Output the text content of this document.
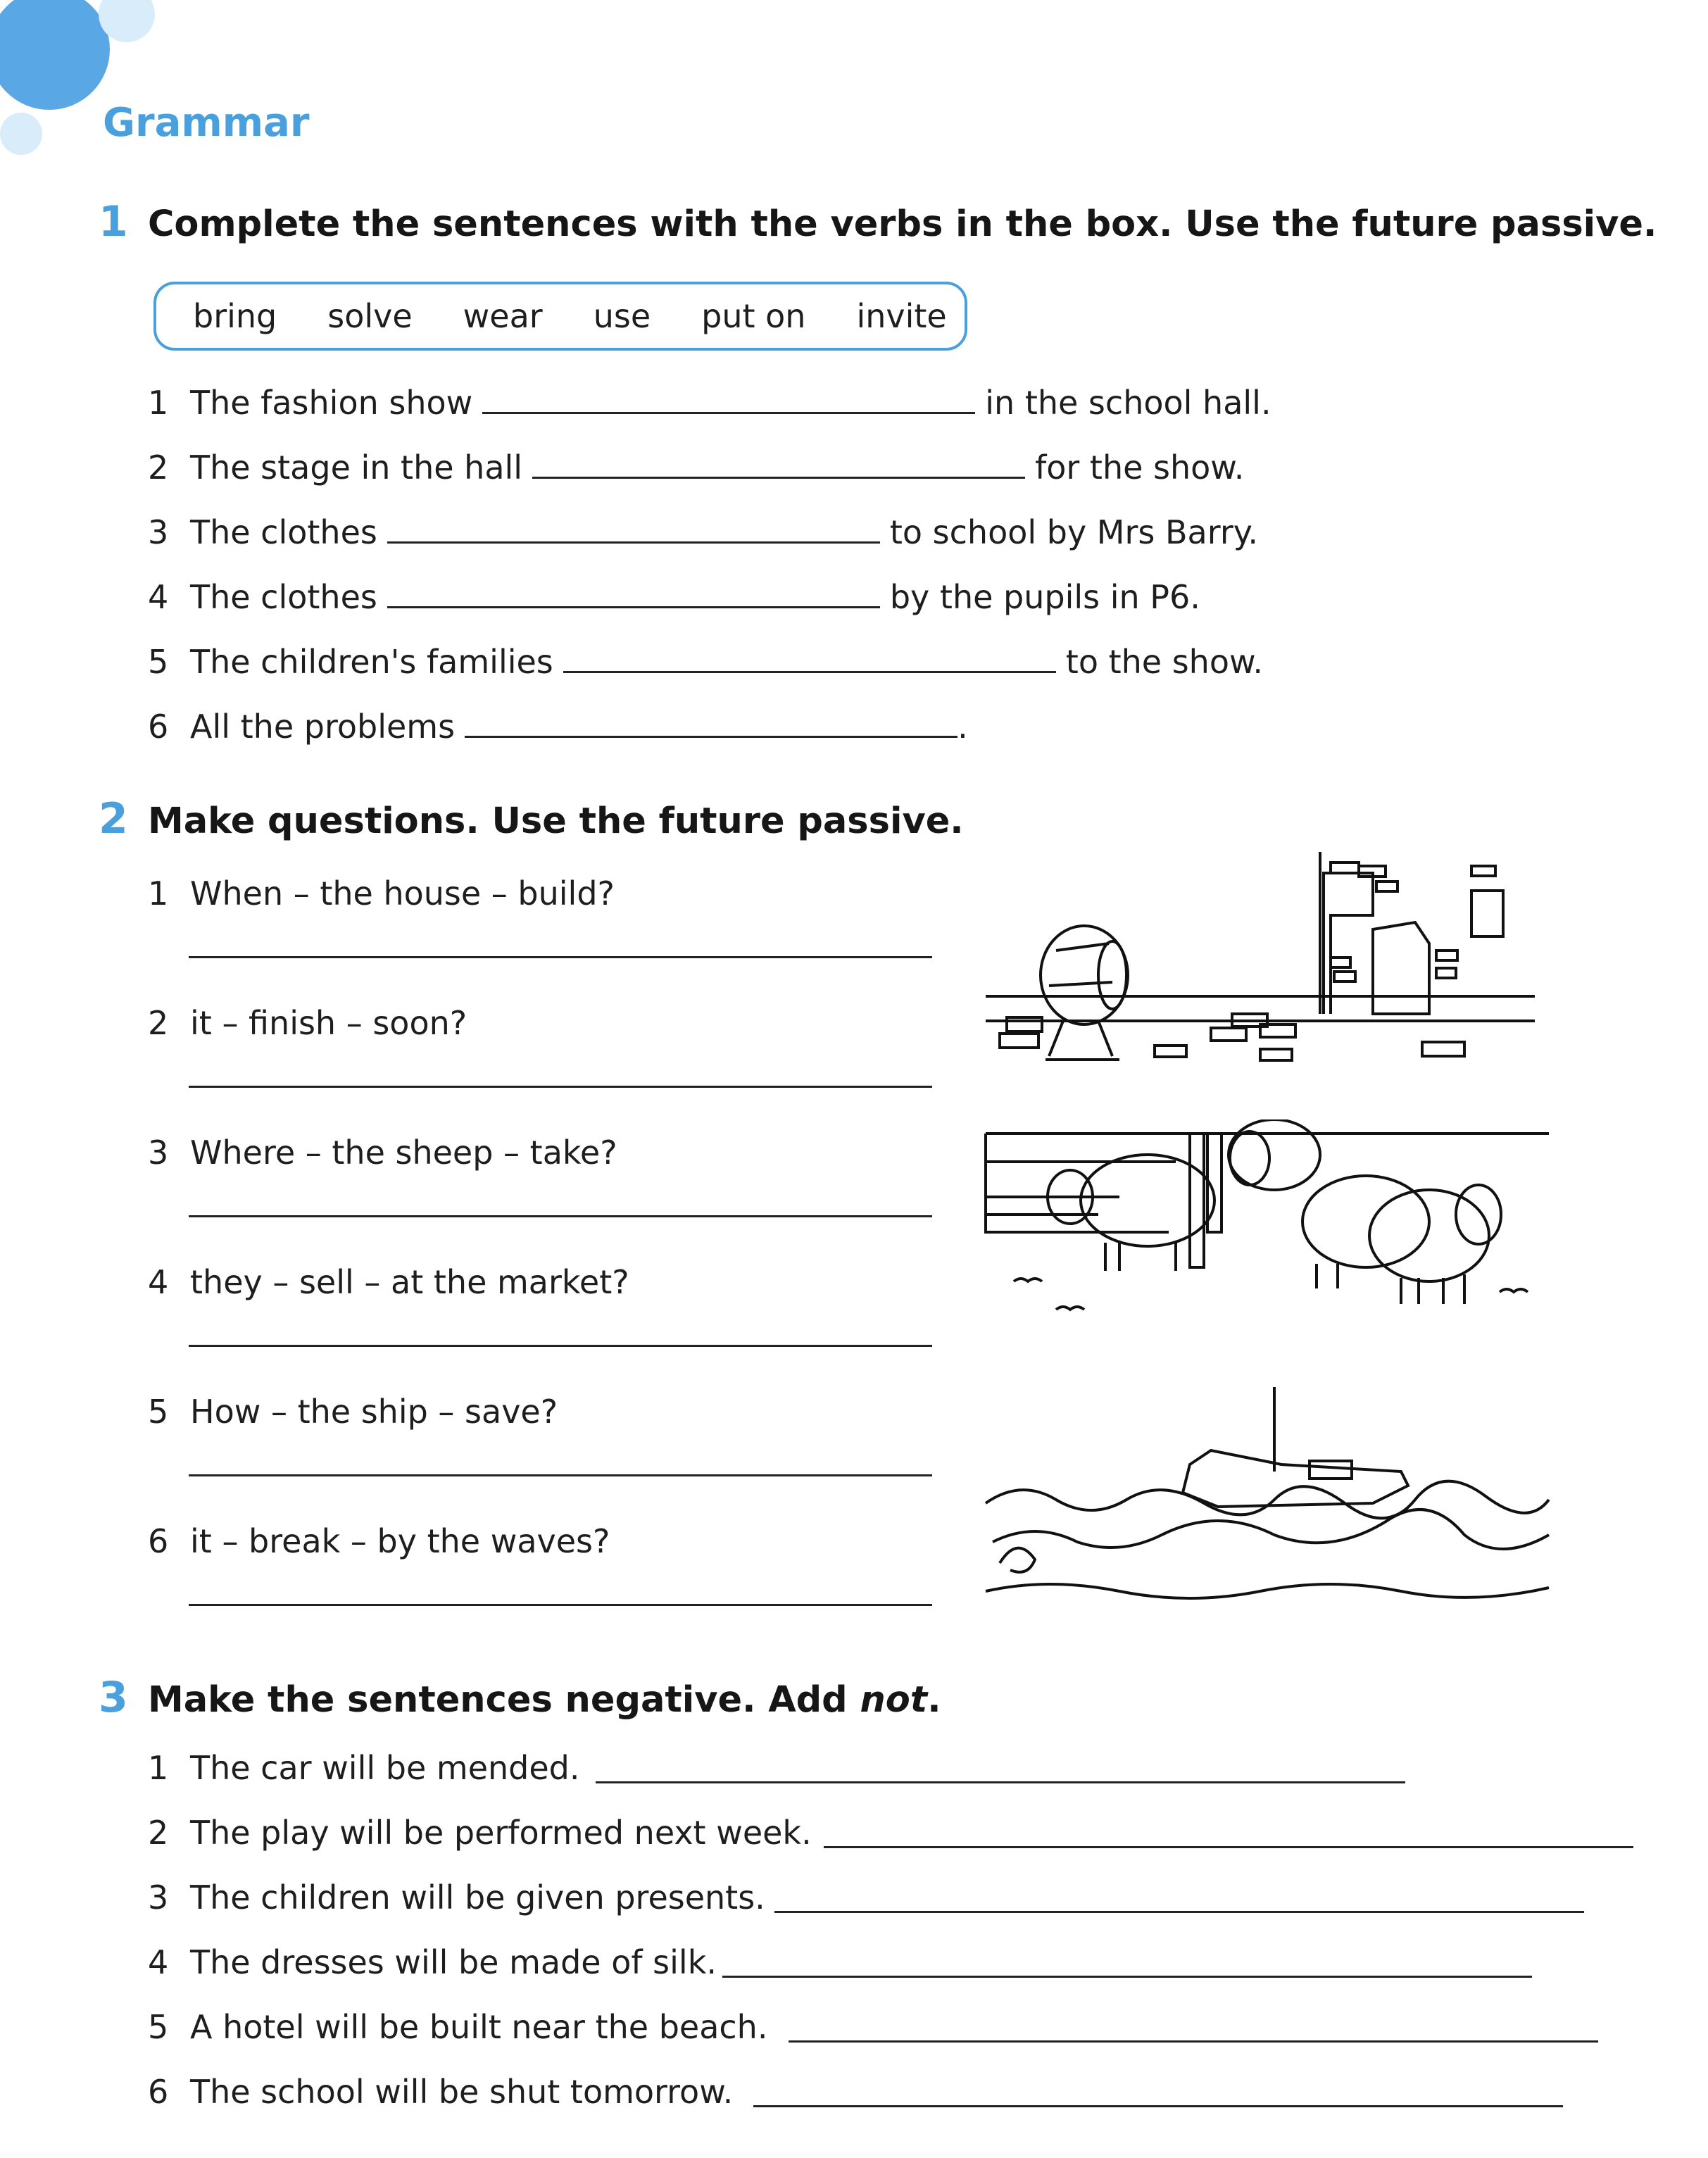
Grammar
1 Complete the sentences with the verbs in the box. Use the future passive.
bring solve wear use put on invite
1 The fashion show	in the school hall.
2 The stage in the hall	for the show.
3 The clothes	to school by Mrs Barry.
4 The clothes	by the pupils in P6.
5 The children's families	to the show.
6 All the problems	.
2 Make questions. Use the future passive.
1 When – the house – build?
2 it – finish – soon?
3 Where – the sheep – take?
4 they – sell – at the market?
5 How – the ship – save?
6 it – break – by the waves?
3 Make the sentences negative. Add not.
1 The car will be mended.
2 The play will be performed next week.
3 The children will be given presents.
4 The dresses will be made of silk.
5 A hotel will be built near the beach.
6 The school will be shut tomorrow.
